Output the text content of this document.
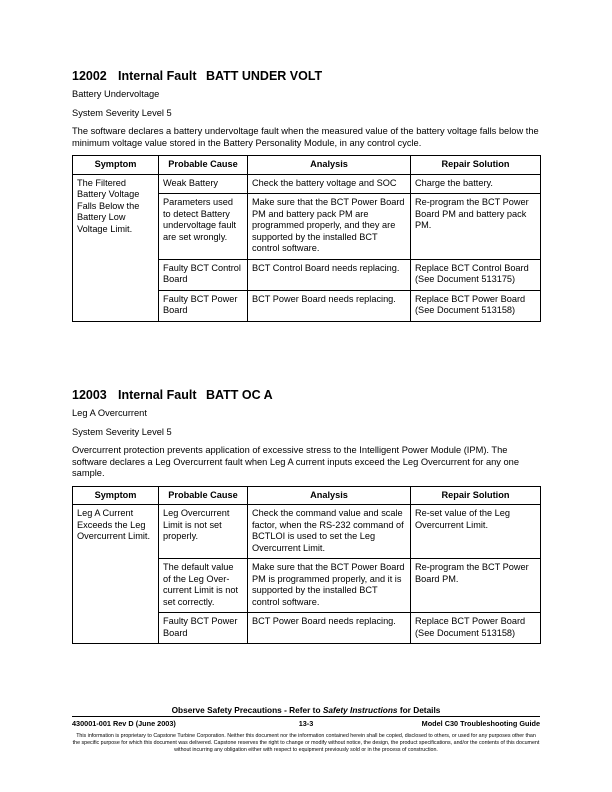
12002 Internal Fault BATT UNDER VOLT

Battery Undervoltage

System Severity Level 5

The software declares a battery undervoltage fault when the measured value of the battery voltage falls below the minimum voltage value stored in the Battery Personality Module, in any control cycle.

Symptom	Probable Cause	Analysis	Repair Solution
The Filtered Battery Voltage Falls Below the Battery Low Voltage Limit.	Weak Battery	Check the battery voltage and SOC	Charge the battery.
	Parameters used to detect Battery undervoltage fault are set wrongly.	Make sure that the BCT Power Board PM and battery pack PM are programmed properly, and they are supported by the installed BCT control software.	Re-program the BCT Power Board PM and battery pack PM.
	Faulty BCT Control Board	BCT Control Board needs replacing.	Replace BCT Control Board (See Document 513175)
	Faulty BCT Power Board	BCT Power Board needs replacing.	Replace BCT Power Board (See Document 513158)
12003 Internal Fault BATT OC A

Leg A Overcurrent

System Severity Level 5

Overcurrent protection prevents application of excessive stress to the Intelligent Power Module (IPM). The software declares a Leg Overcurrent fault when Leg A current inputs exceed the Leg Overcurrent for any one sample.

Symptom	Probable Cause	Analysis	Repair Solution
Leg A Current Exceeds the Leg Overcurrent Limit.	Leg Overcurrent Limit is not set properly.	Check the command value and scale factor, when the RS-232 command of BCTLOI is used to set the Leg Overcurrent Limit.	Re-set value of the Leg Overcurrent Limit.
	The default value of the Leg Over-current Limit is not set correctly.	Make sure that the BCT Power Board PM is programmed properly, and it is supported by the installed BCT control software.	Re-program the BCT Power Board PM.
	Faulty BCT Power Board	BCT Power Board needs replacing.	Replace BCT Power Board (See Document 513158)
Observe Safety Precautions - Refer to Safety Instructions for Details
13-3
430001-001 Rev D (June 2003)	Model C30 Troubleshooting Guide
This information is proprietary to Capstone Turbine Corporation. Neither this document nor the information contained herein shall be copied, disclosed to others, or used for any purposes other than the specific purpose for which this document was delivered. Capstone reserves the right to change or modify without notice, the design, the product specifications, and/or the contents of this document without incurring any obligation either with respect to equipment previously sold or in the process of construction.
